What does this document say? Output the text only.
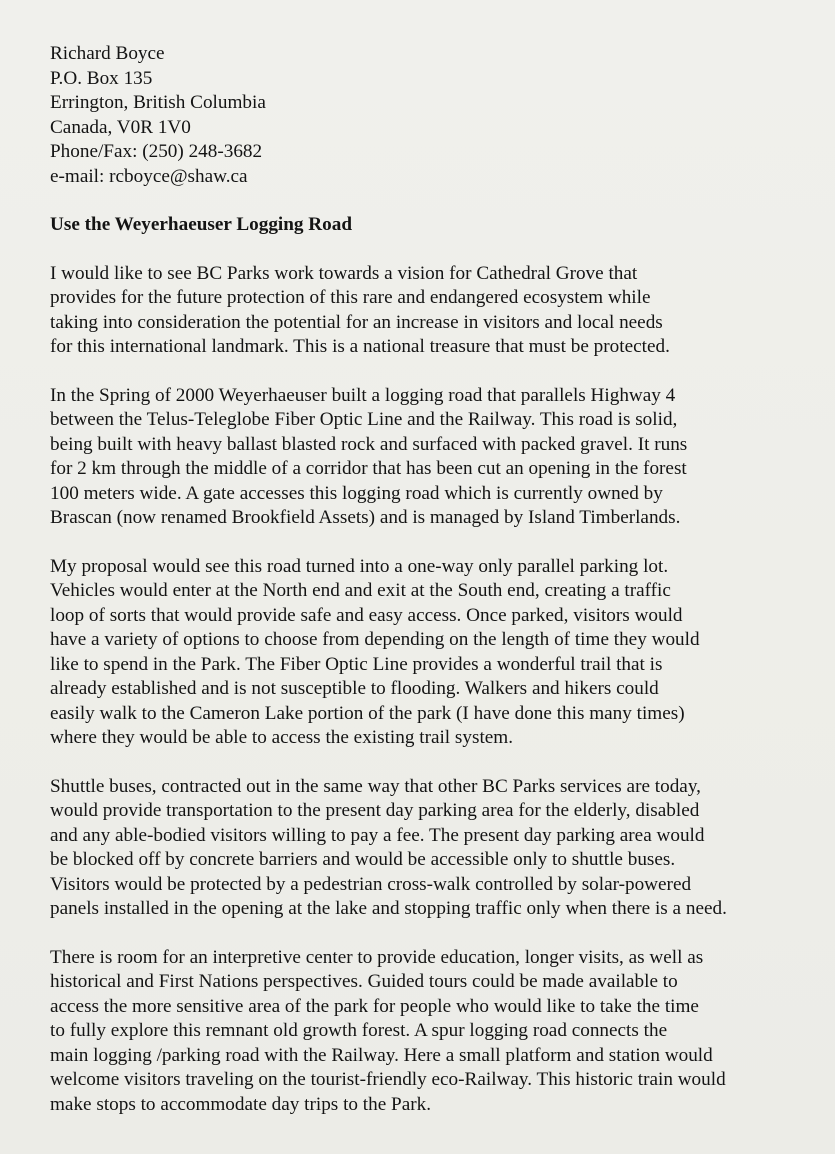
Richard Boyce
P.O. Box 135
Errington, British Columbia
Canada, V0R 1V0
Phone/Fax: (250) 248-3682
e-mail: rcboyce@shaw.ca
Use the Weyerhaeuser Logging Road
I would like to see BC Parks work towards a vision for Cathedral Grove that
provides for the future protection of this rare and endangered ecosystem while
taking into consideration the potential for an increase in visitors and local needs
for this international landmark. This is a national treasure that must be protected.
In the Spring of 2000 Weyerhaeuser built a logging road that parallels Highway 4
between the Telus-Teleglobe Fiber Optic Line and the Railway. This road is solid,
being built with heavy ballast blasted rock and surfaced with packed gravel. It runs
for 2 km through the middle of a corridor that has been cut an opening in the forest
100 meters wide. A gate accesses this logging road which is currently owned by
Brascan (now renamed Brookfield Assets) and is managed by Island Timberlands.
My proposal would see this road turned into a one-way only parallel parking lot.
Vehicles would enter at the North end and exit at the South end, creating a traffic
loop of sorts that would provide safe and easy access. Once parked, visitors would
have a variety of options to choose from depending on the length of time they would
like to spend in the Park. The Fiber Optic Line provides a wonderful trail that is
already established and is not susceptible to flooding. Walkers and hikers could
easily walk to the Cameron Lake portion of the park (I have done this many times)
where they would be able to access the existing trail system.
Shuttle buses, contracted out in the same way that other BC Parks services are today,
would provide transportation to the present day parking area for the elderly, disabled
and any able-bodied visitors willing to pay a fee. The present day parking area would
be blocked off by concrete barriers and would be accessible only to shuttle buses.
Visitors would be protected by a pedestrian cross-walk controlled by solar-powered
panels installed in the opening at the lake and stopping traffic only when there is a need.
There is room for an interpretive center to provide education, longer visits, as well as
historical and First Nations perspectives. Guided tours could be made available to
access the more sensitive area of the park for people who would like to take the time
to fully explore this remnant old growth forest. A spur logging road connects the
main logging /parking road with the Railway. Here a small platform and station would
welcome visitors traveling on the tourist-friendly eco-Railway. This historic train would
make stops to accommodate day trips to the Park.
